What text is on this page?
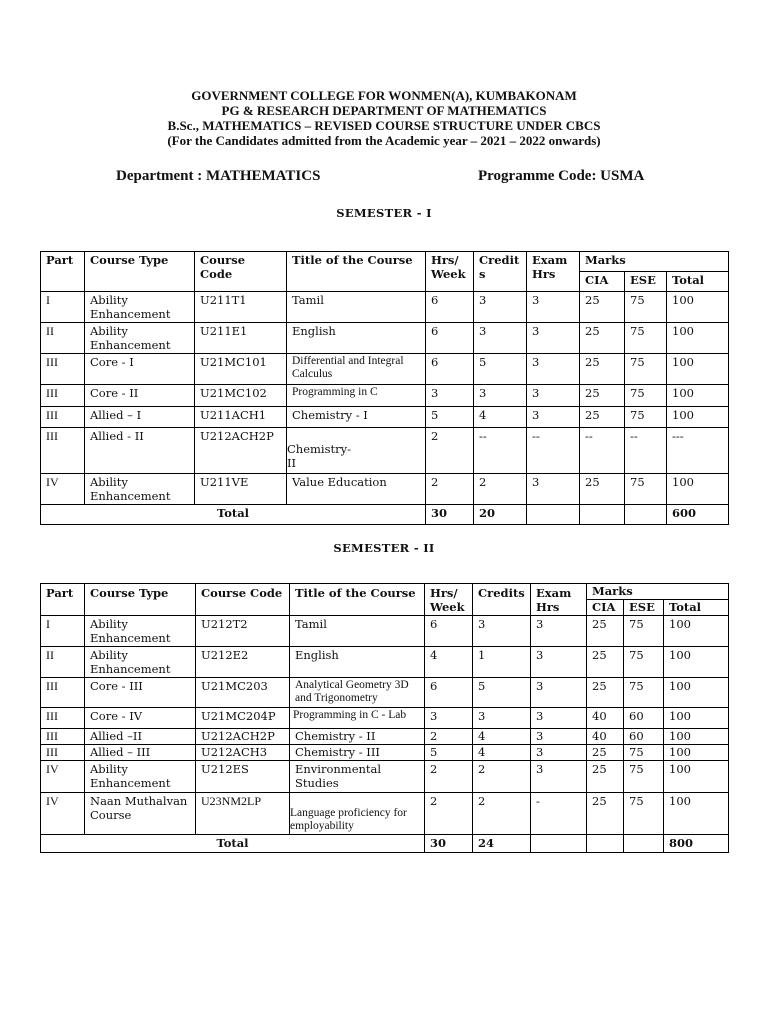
GOVERNMENT COLLEGE FOR WONMEN(A), KUMBAKONAM
PG & RESEARCH DEPARTMENT OF MATHEMATICS
B.Sc., MATHEMATICS – REVISED COURSE STRUCTURE UNDER CBCS
(For the Candidates admitted from the Academic year – 2021 – 2022 onwards)
Department : MATHEMATICS	Programme Code: USMA
SEMESTER - I
Part	Course Type	Course Code	Title of the Course	Hrs/ Week	Credit s	Exam Hrs	Marks		
							CIA	ESE	Total
I	Ability Enhancement	U211T1	Tamil	6	3	3	25	75	100
II	Ability Enhancement	U211E1	English	6	3	3	25	75	100
III	Core - I	U21MC101	Differential and Integral Calculus	6	5	3	25	75	100
III	Core - II	U21MC102	Programming in C	3	3	3	25	75	100
III	Allied – I	U211ACH1	Chemistry - I	5	4	3	25	75	100
III	Allied - II	U212ACH2P	Chemistry- II	2	--	--	--	--	---
IV	Ability Enhancement	U211VE	Value Education	2	2	3	25	75	100
Total				30	20				600
SEMESTER - II
Part	Course Type	Course Code	Title of the Course	Hrs/ Week	Credits	Exam Hrs	Marks		
							CIA	ESE	Total
I	Ability Enhancement	U212T2	Tamil	6	3	3	25	75	100
II	Ability Enhancement	U212E2	English	4	1	3	25	75	100
III	Core - III	U21MC203	Analytical Geometry 3D and Trigonometry	6	5	3	25	75	100
III	Core - IV	U21MC204P	Programming in C - Lab	3	3	3	40	60	100
III	Allied –II	U212ACH2P	Chemistry - II	2	4	3	40	60	100
III	Allied – III	U212ACH3	Chemistry - III	5	4	3	25	75	100
IV	Ability Enhancement	U212ES	Environmental Studies	2	2	3	25	75	100
IV	Naan Muthalvan Course	U23NM2LP	Language proficiency for employability	2	2	-	25	75	100
Total				30	24				800
